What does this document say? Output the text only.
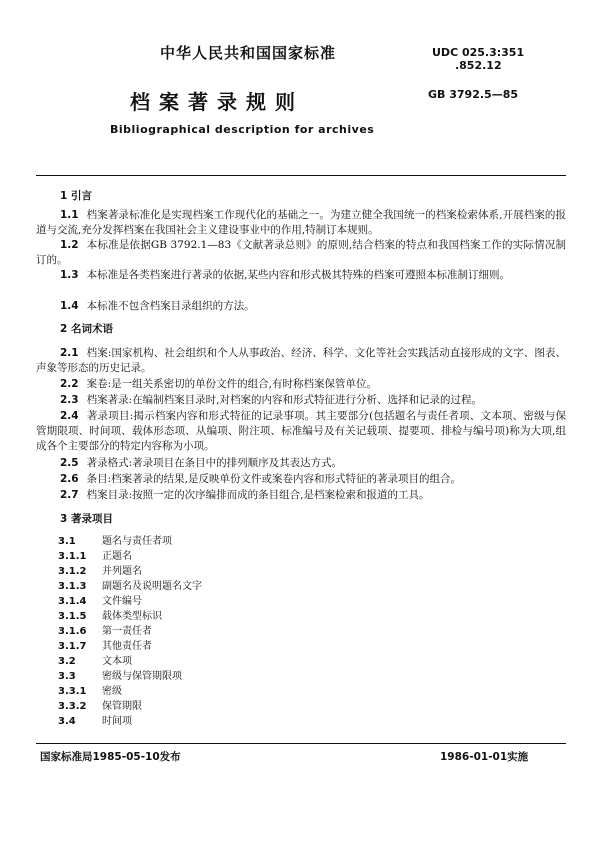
中华人民共和国国家标准	UDC 025.3:351
.852.12
档案著录规则	GB 3792.5—85
Bibliographical description for archives

1 引言

1.1 档案著录标准化是实现档案工作现代化的基础之一。为建立健全我国统一的档案检索体系,开展档案的报道与交流,充分发挥档案在我国社会主义建设事业中的作用,特制订本规则。

1.2 本标准是依据GB 3792.1—83《文献著录总则》的原则,结合档案的特点和我国档案工作的实际情况制订的。

1.3 本标准是各类档案进行著录的依据,某些内容和形式极其特殊的档案可遵照本标准制订细则。

1.4 本标准不包含档案目录组织的方法。

2 名词术语

2.1 档案:国家机构、社会组织和个人从事政治、经济、科学、文化等社会实践活动直接形成的文字、图表、声象等形态的历史记录。

2.2 案卷:是一组关系密切的单份文件的组合,有时称档案保管单位。

2.3 档案著录:在编制档案目录时,对档案的内容和形式特征进行分析、选择和记录的过程。

2.4 著录项目:揭示档案内容和形式特征的记录事项。其主要部分(包括题名与责任者项、文本项、密级与保管期限项、时间项、载体形态项、从编项、附注项、标准编号及有关记载项、提要项、排检与编号项)称为大项,组成各个主要部分的特定内容称为小项。

2.5 著录格式:著录项目在条目中的排列顺序及其表达方式。

2.6 条目:档案著录的结果,是反映单份文件或案卷内容和形式特征的著录项目的组合。

2.7 档案目录:按照一定的次序编排而成的条目组合,是档案检索和报道的工具。

3 著录项目

3.1	题名与责任者项

3.1.1 正题名

3.1.2 并列题名

3.1.3 副题名及说明题名文字

3.1.4 文件编号

3.1.5 载体类型标识

3.1.6 第一责任者

3.1.7 其他责任者

3.2	文本项

3.3	密级与保管期限项

3.3.1 密级

3.3.2 保管期限

3.4	时间项

国家标准局1985-05-10发布	1986-01-01实施
